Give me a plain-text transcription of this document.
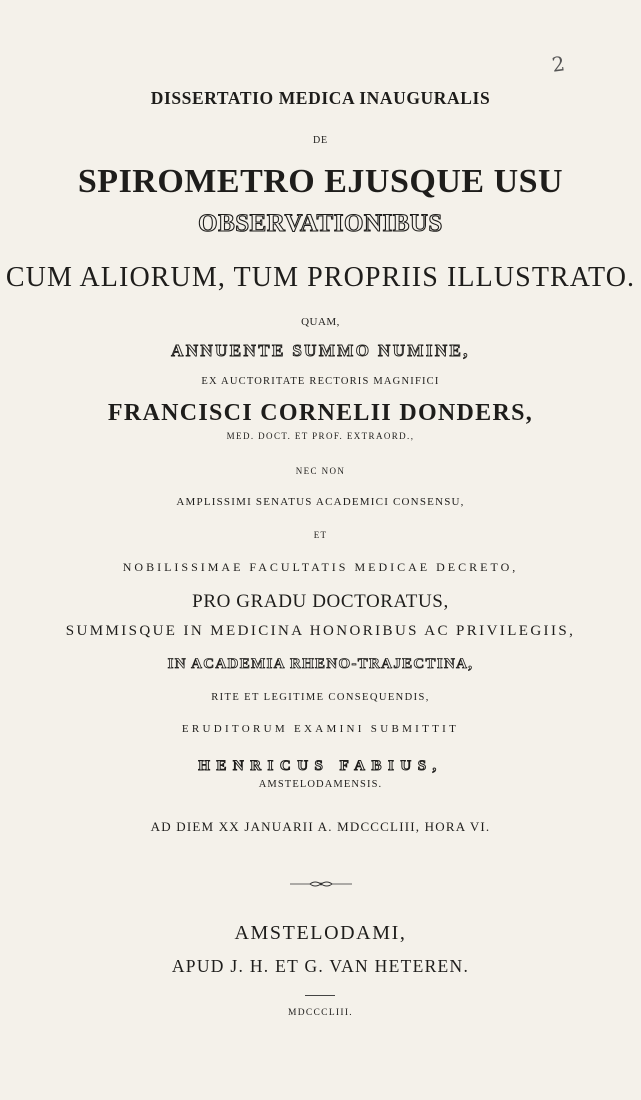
2
DISSERTATIO MEDICA INAUGURALIS
DE
SPIROMETRO EJUSQUE USU
OBSERVATIONIBUS
CUM ALIORUM, TUM PROPRIIS ILLUSTRATO.
QUAM,
ANNUENTE SUMMO NUMINE,
EX AUCTORITATE RECTORIS MAGNIFICI
FRANCISCI CORNELII DONDERS,
MED. DOCT. ET PROF. EXTRAORD.,
NEC NON
AMPLISSIMI SENATUS ACADEMICI CONSENSU,
ET
NOBILISSIMAE FACULTATIS MEDICAE DECRETO,
PRO GRADU DOCTORATUS,
SUMMISQUE IN MEDICINA HONORIBUS AC PRIVILEGIIS,
IN ACADEMIA RHENO-TRAJECTINA,
RITE ET LEGITIME CONSEQUENDIS,
ERUDITORUM EXAMINI SUBMITTIT
HENRICUS FABIUS,
AMSTELODAMENSIS.
AD DIEM XX JANUARII A. MDCCCLIII, HORA VI.
AMSTELODAMI,
APUD J. H. ET G. VAN HETEREN.
MDCCCLIII.
